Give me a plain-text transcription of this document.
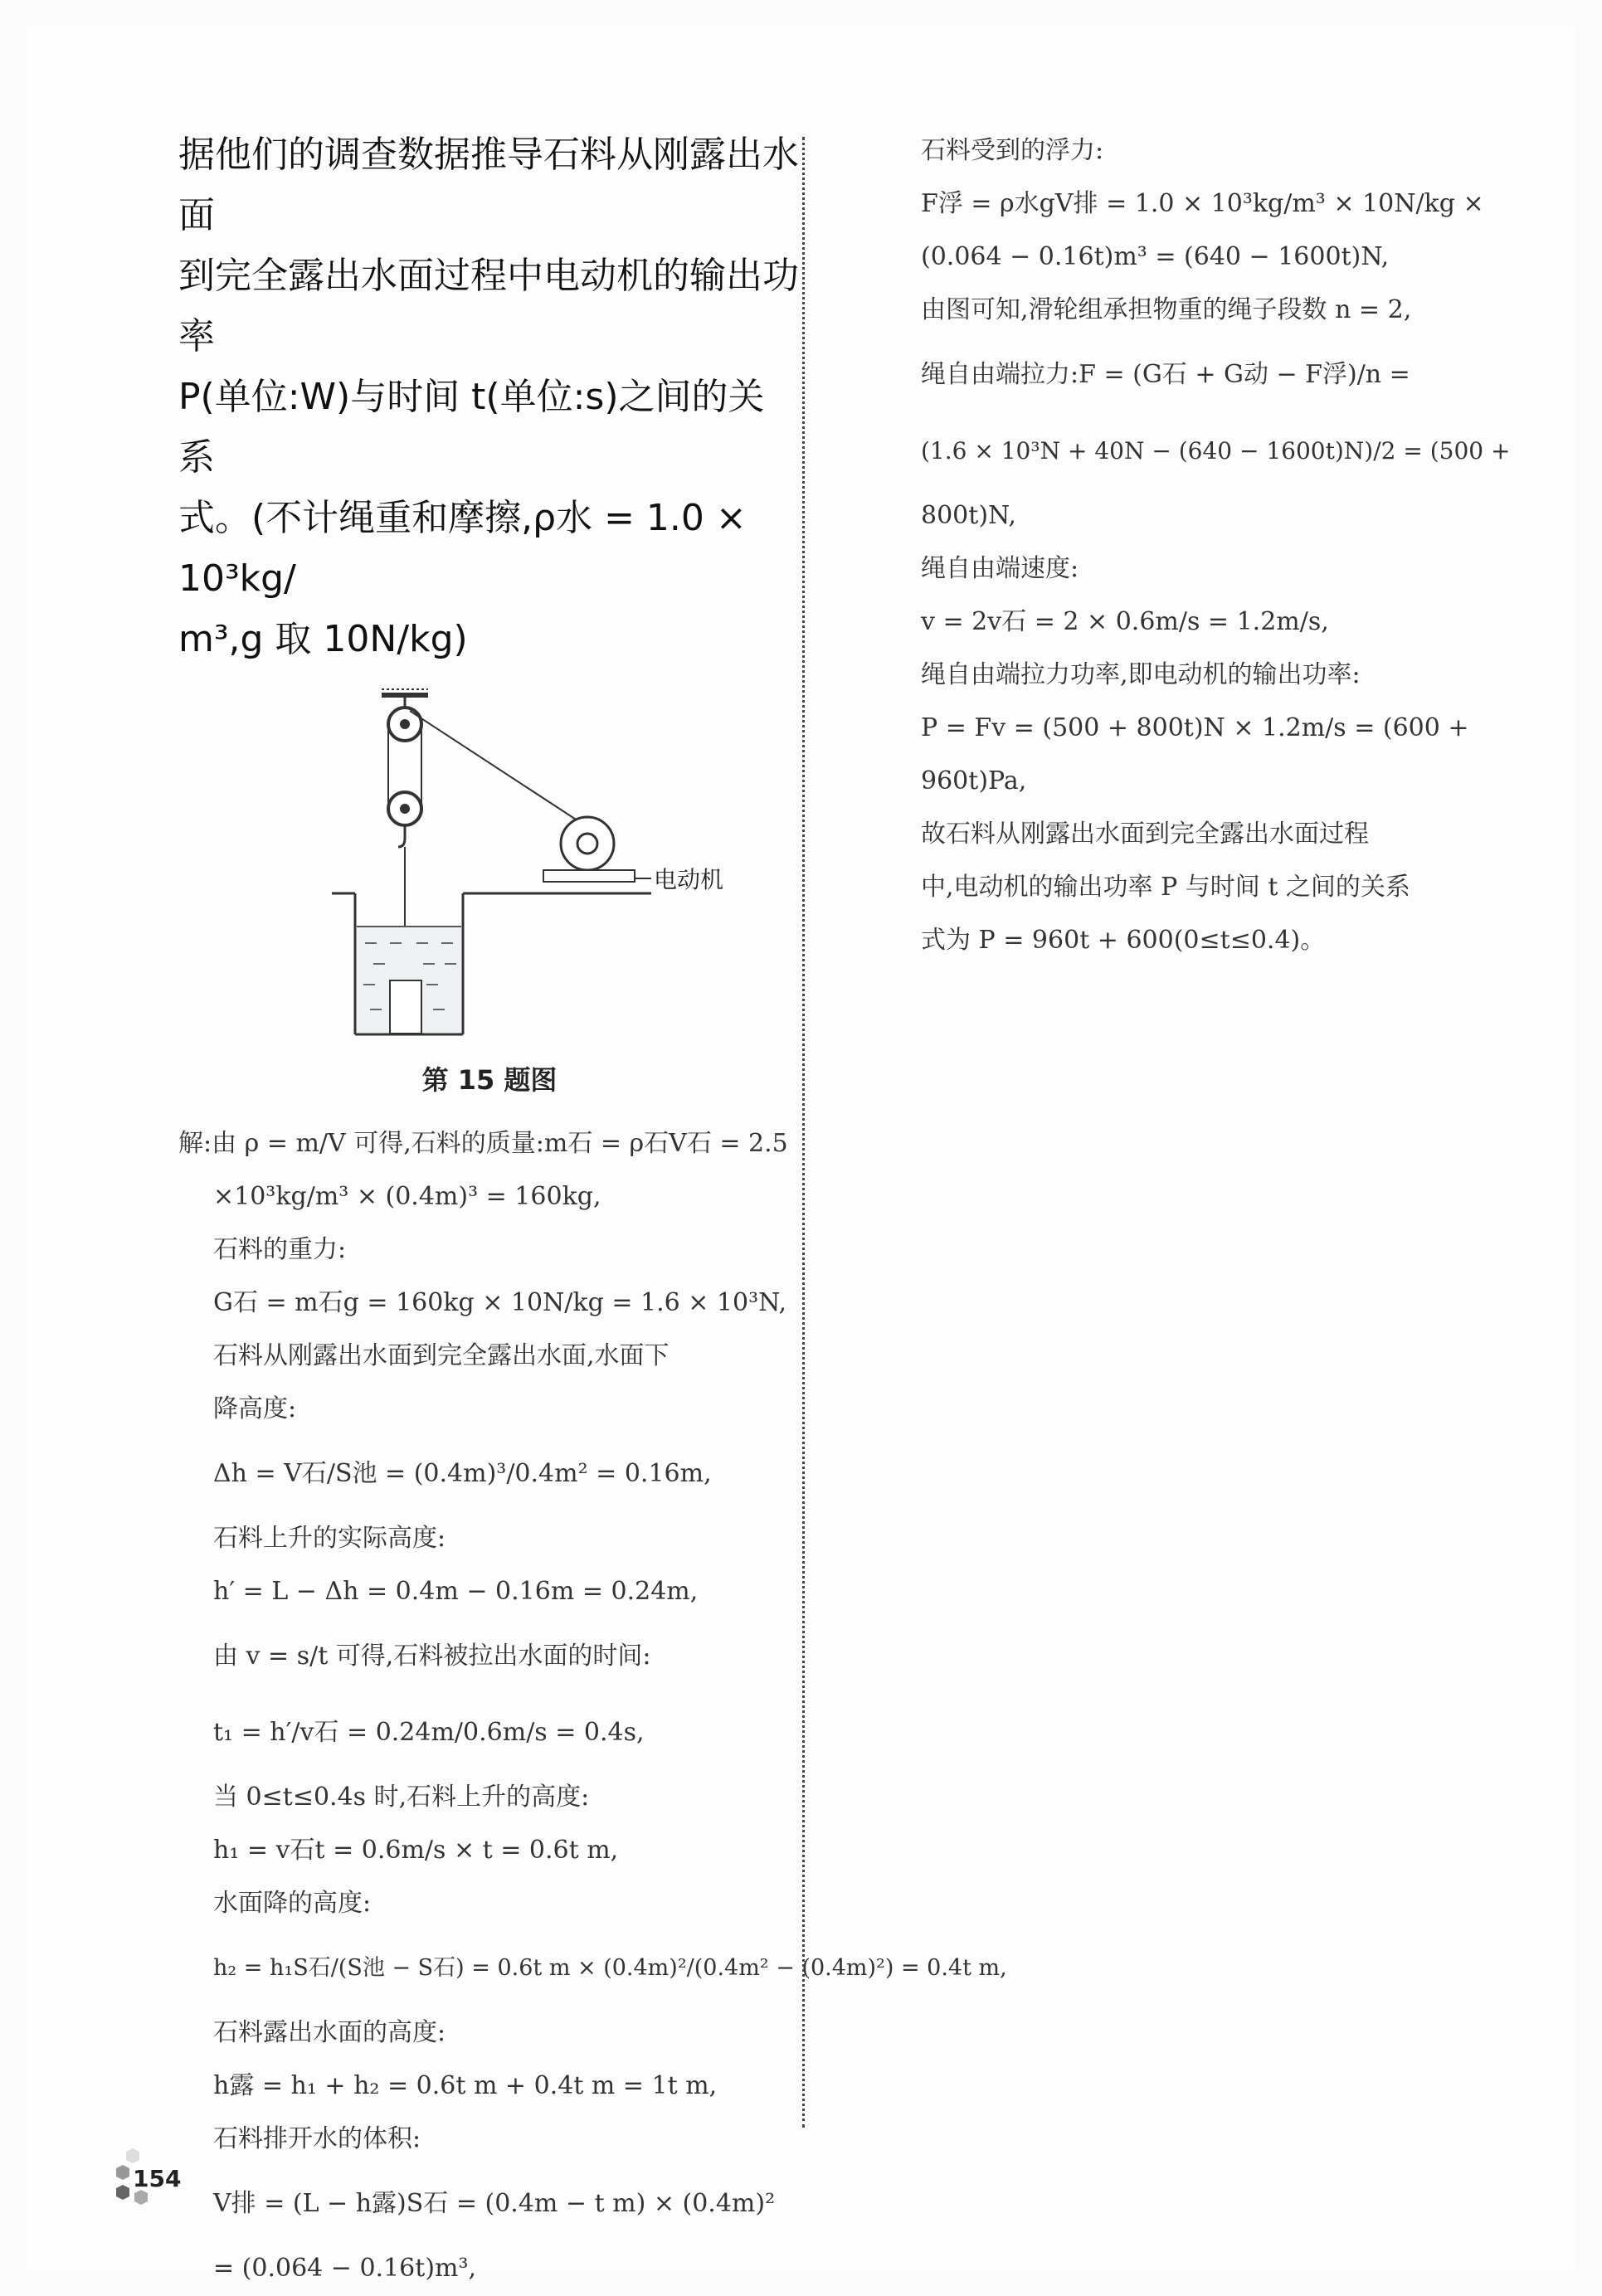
据他们的调查数据推导石料从刚露出水面

到完全露出水面过程中电动机的输出功率

P(单位:W)与时间 t(单位:s)之间的关系

式。(不计绳重和摩擦,ρ水 = 1.0 × 10³kg/

m³,g 取 10N/kg)

电动机
第 15 题图

解:由 ρ = m/V 可得,石料的质量:m石 = ρ石V石 = 2.5

×10³kg/m³ × (0.4m)³ = 160kg,

石料的重力:

G石 = m石g = 160kg × 10N/kg = 1.6 × 10³N,

石料从刚露出水面到完全露出水面,水面下

降高度:

Δh = V石/S池 = (0.4m)³/0.4m² = 0.16m,

石料上升的实际高度:

h′ = L − Δh = 0.4m − 0.16m = 0.24m,

由 v = s/t 可得,石料被拉出水面的时间:

t₁ = h′/v石 = 0.24m/0.6m/s = 0.4s,

当 0≤t≤0.4s 时,石料上升的高度:

h₁ = v石t = 0.6m/s × t = 0.6t m,

水面降的高度:

h₂ = h₁S石/(S池 − S石) = 0.6t m × (0.4m)²/(0.4m² − (0.4m)²) = 0.4t m,

石料露出水面的高度:

h露 = h₁ + h₂ = 0.6t m + 0.4t m = 1t m,

石料排开水的体积:

V排 = (L − h露)S石 = (0.4m − t m) × (0.4m)²

= (0.064 − 0.16t)m³,

石料受到的浮力:

F浮 = ρ水gV排 = 1.0 × 10³kg/m³ × 10N/kg ×

(0.064 − 0.16t)m³ = (640 − 1600t)N,

由图可知,滑轮组承担物重的绳子段数 n = 2,

绳自由端拉力:F = (G石 + G动 − F浮)/n =

(1.6 × 10³N + 40N − (640 − 1600t)N)/2 = (500 +

800t)N,

绳自由端速度:

v = 2v石 = 2 × 0.6m/s = 1.2m/s,

绳自由端拉力功率,即电动机的输出功率:

P = Fv = (500 + 800t)N × 1.2m/s = (600 +

960t)Pa,

故石料从刚露出水面到完全露出水面过程

中,电动机的输出功率 P 与时间 t 之间的关系

式为 P = 960t + 600(0≤t≤0.4)。

154
